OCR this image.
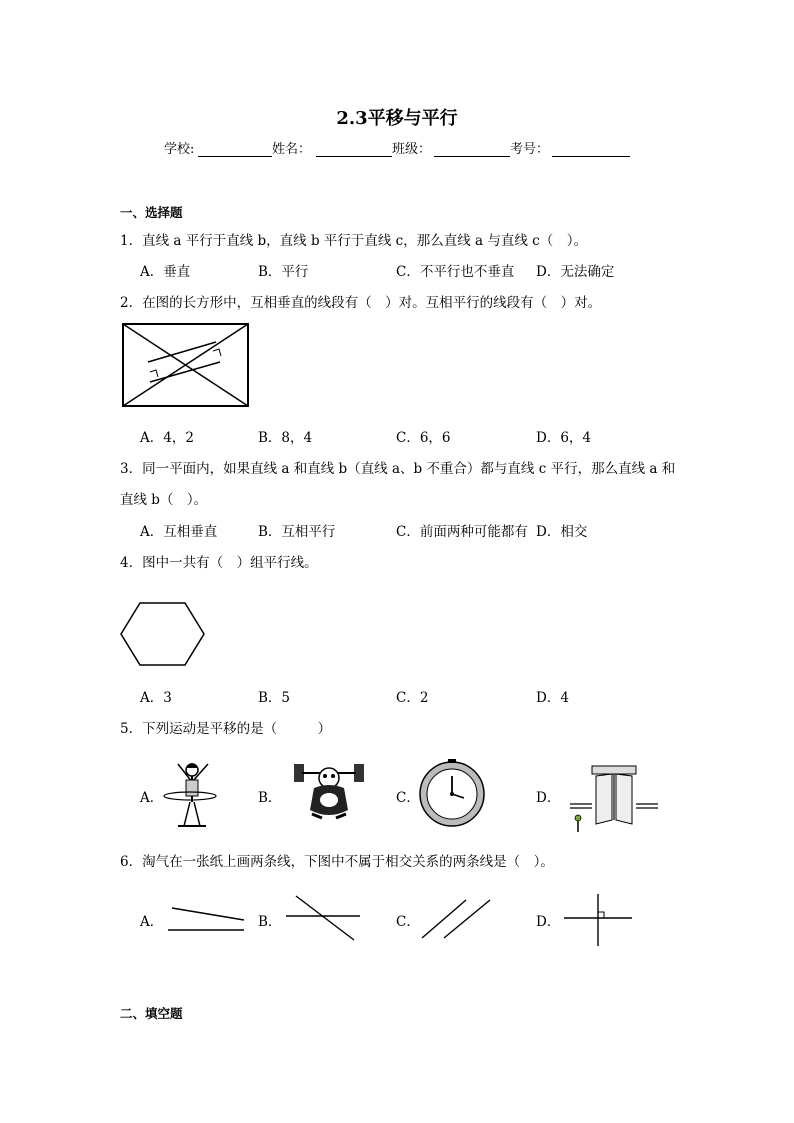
2.3平移与平行
学校:	姓名：	班级：	考号：
一、选择题
1．直线 a 平行于直线 b，直线 b 平行于直线 c，那么直线 a 与直线 c（　）。
A．垂直	B．平行	C．不平行也不垂直 D．无法确定
2．在图的长方形中，互相垂直的线段有（　）对。互相平行的线段有（　）对。
A．4，2	B．8，4	C．6，6	D．6，4
3．同一平面内，如果直线 a 和直线 b（直线 a、b 不重合）都与直线 c 平行，那么直线 a 和
直线 b（　）。
A．互相垂直	B．互相平行	C．前面两种可能都有 D．相交
4．图中一共有（　）组平行线。
A．3	B．5	C．2	D．4
5．下列运动是平移的是（　　　）
A．	B．	C．	D．
6．淘气在一张纸上画两条线，下图中不属于相交关系的两条线是（　）。
A．	B．	C．	D．
二、填空题
